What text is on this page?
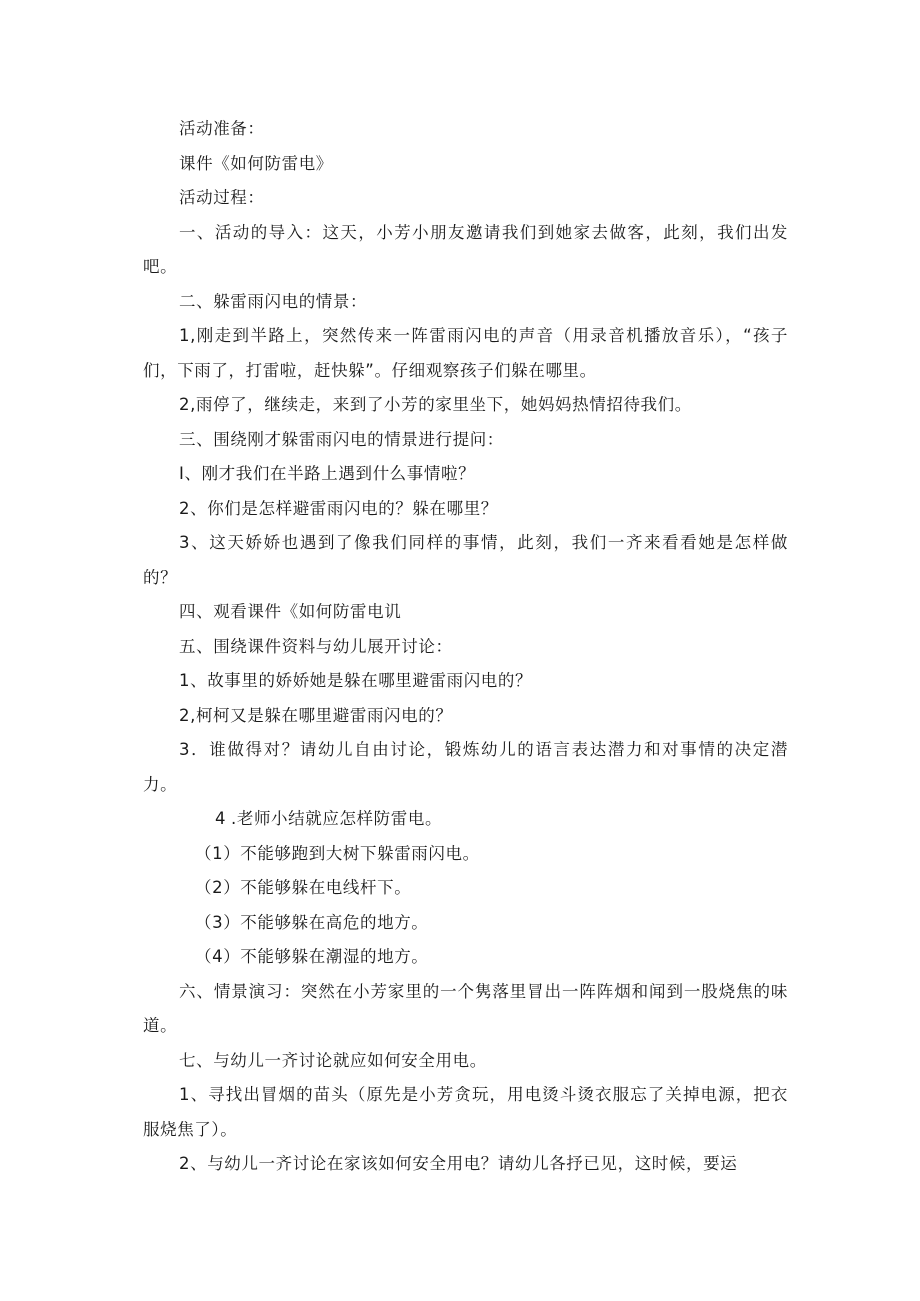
活动准备：

课件《如何防雷电》

活动过程：

一、活动的导入：这天，小芳小朋友邀请我们到她家去做客，此刻，我们出发吧。

二、躲雷雨闪电的情景：

1,刚走到半路上，突然传来一阵雷雨闪电的声音（用录音机播放音乐），“孩子们，下雨了，打雷啦，赶快躲”。仔细观察孩子们躲在哪里。

2,雨停了，继续走，来到了小芳的家里坐下，她妈妈热情招待我们。

三、围绕刚才躲雷雨闪电的情景进行提问：

I、刚才我们在半路上遇到什么事情啦？

2、你们是怎样避雷雨闪电的？躲在哪里？

3、这天娇娇也遇到了像我们同样的事情，此刻，我们一齐来看看她是怎样做的？

四、观看课件《如何防雷电讥

五、围绕课件资料与幼儿展开讨论：

1、故事里的娇娇她是躲在哪里避雷雨闪电的？

2,柯柯又是躲在哪里避雷雨闪电的？

3．谁做得对？请幼儿自由讨论，锻炼幼儿的语言表达潜力和对事情的决定潜力。

4 .老师小结就应怎样防雷电。

（1）不能够跑到大树下躲雷雨闪电。

（2）不能够躲在电线杆下。

（3）不能够躲在高危的地方。

（4）不能够躲在潮湿的地方。

六、情景演习：突然在小芳家里的一个隽落里冒出一阵阵烟和闻到一股烧焦的味道。

七、与幼儿一齐讨论就应如何安全用电。

1、寻找出冒烟的苗头（原先是小芳贪玩，用电烫斗烫衣服忘了关掉电源，把衣服烧焦了）。

2、与幼儿一齐讨论在家该如何安全用电？请幼儿各抒已见，这时候，要运
